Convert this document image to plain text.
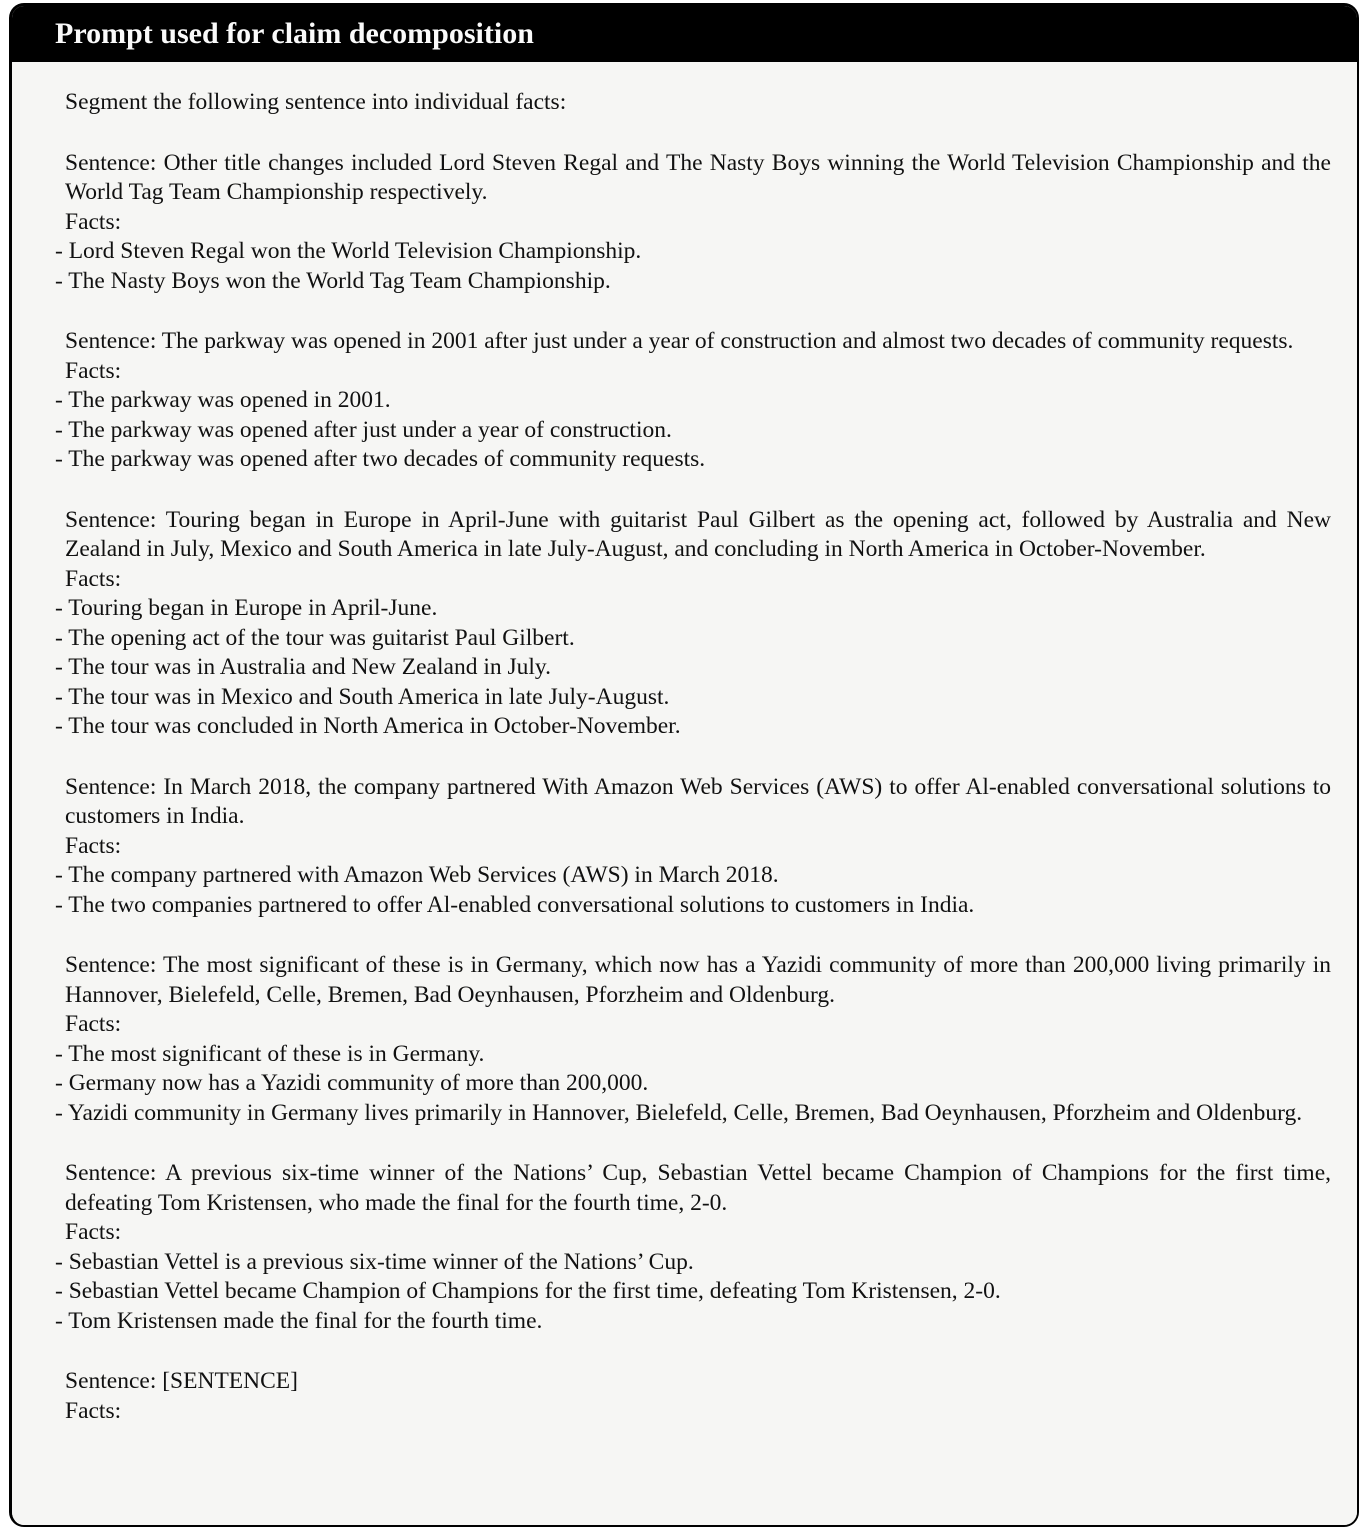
Prompt used for claim decomposition

Segment the following sentence into individual facts:

Sentence: Other title changes included Lord Steven Regal and The Nasty Boys winning the World Television Championship and the World Tag Team Championship respectively.

Facts:

- Lord Steven Regal won the World Television Championship.

- The Nasty Boys won the World Tag Team Championship.

Sentence: The parkway was opened in 2001 after just under a year of construction and almost two decades of community requests.

Facts:

- The parkway was opened in 2001.

- The parkway was opened after just under a year of construction.

- The parkway was opened after two decades of community requests.

Sentence: Touring began in Europe in April-June with guitarist Paul Gilbert as the opening act, followed by Australia and New Zealand in July, Mexico and South America in late July-August, and concluding in North America in October-November.

Facts:

- Touring began in Europe in April-June.

- The opening act of the tour was guitarist Paul Gilbert.

- The tour was in Australia and New Zealand in July.

- The tour was in Mexico and South America in late July-August.

- The tour was concluded in North America in October-November.

Sentence: In March 2018, the company partnered With Amazon Web Services (AWS) to offer Al-enabled conversational solutions to customers in India.

Facts:

- The company partnered with Amazon Web Services (AWS) in March 2018.

- The two companies partnered to offer Al-enabled conversational solutions to customers in India.

Sentence: The most significant of these is in Germany, which now has a Yazidi community of more than 200,000 living primarily in Hannover, Bielefeld, Celle, Bremen, Bad Oeynhausen, Pforzheim and Oldenburg.

Facts:

- The most significant of these is in Germany.

- Germany now has a Yazidi community of more than 200,000.

- Yazidi community in Germany lives primarily in Hannover, Bielefeld, Celle, Bremen, Bad Oeynhausen, Pforzheim and Oldenburg.

Sentence: A previous six-time winner of the Nations’ Cup, Sebastian Vettel became Champion of Champions for the first time, defeating Tom Kristensen, who made the final for the fourth time, 2-0.

Facts:

- Sebastian Vettel is a previous six-time winner of the Nations’ Cup.

- Sebastian Vettel became Champion of Champions for the first time, defeating Tom Kristensen, 2-0.

- Tom Kristensen made the final for the fourth time.

Sentence: [SENTENCE]

Facts:
